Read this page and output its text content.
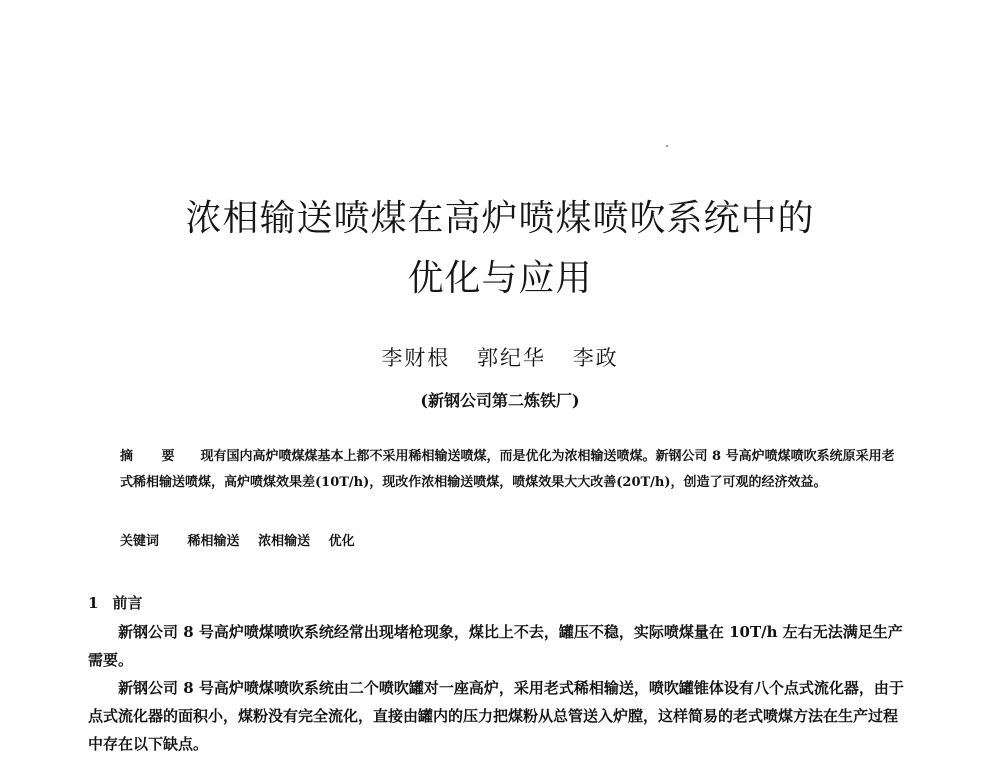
浓相输送喷煤在高炉喷煤喷吹系统中的
优化与应用
李财根 郭纪华 李政
(新钢公司第二炼铁厂)
摘 要 现有国内高炉喷煤煤基本上都不采用稀相输送喷煤，而是优化为浓相输送喷煤。新钢公司 8 号高炉喷煤喷吹系统原采用老式稀相输送喷煤，高炉喷煤效果差(10T/h)，现改作浓相输送喷煤，喷煤效果大大改善(20T/h)，创造了可观的经济效益。
关键词 稀相输送 浓相输送 优化
1 前言

新钢公司 8 号高炉喷煤喷吹系统经常出现堵枪现象，煤比上不去，罐压不稳，实际喷煤量在 10T/h 左右无法满足生产需要。

新钢公司 8 号高炉喷煤喷吹系统由二个喷吹罐对一座高炉，采用老式稀相输送，喷吹罐锥体设有八个点式流化器，由于点式流化器的面积小，煤粉没有完全流化，直接由罐内的压力把煤粉从总管送入炉膛，这样简易的老式喷煤方法在生产过程中存在以下缺点。
